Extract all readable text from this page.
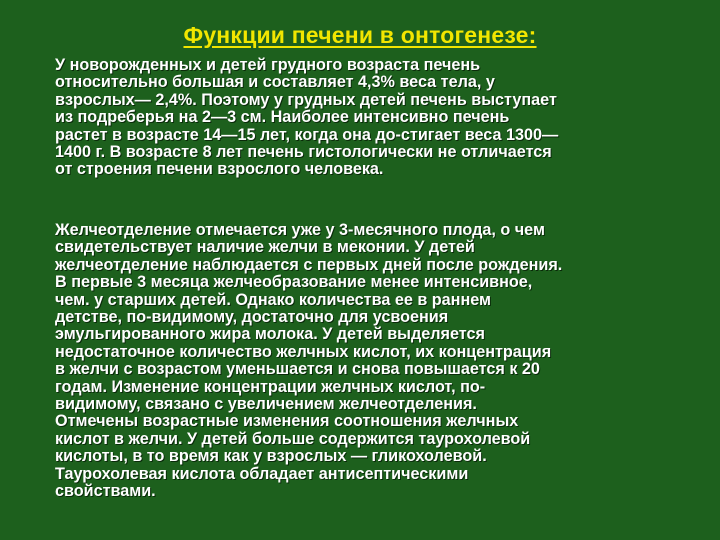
Функции печени в онтогенезе:

У новорожденных и детей грудного возраста печень
относительно большая и составляет 4,3% веса тела, у
взрослых— 2,4%. Поэтому у грудных детей печень выступает
из подреберья на 2—3 см. Наиболее интенсивно печень
растет в возрасте 14—15 лет, когда она до-стигает веса 1300—
1400 г. В возрасте 8 лет печень гистологически не отличается
от строения печени взрослого человека.

Желчеотделение отмечается уже у 3-месячного плода, о чем
свидетельствует наличие желчи в меконии. У детей
желчеотделение наблюдается с первых дней после рождения.
В первые 3 месяца желчеобразование менее интенсивное,
чем. у старших детей. Однако количества ее в раннем
детстве, по-видимому, достаточно для усвоения
эмульгированного жира молока. У детей выделяется
недостаточное количество желчных кислот, их концентрация
в желчи с возрастом уменьшается и снова повышается к 20
годам. Изменение концентрации желчных кислот, по-
видимому, связано с увеличением желчеотделения.
Отмечены возрастные изменения соотношения желчных
кислот в желчи. У детей больше содержится таурохолевой
кислоты, в то время как у взрослых — гликохолевой.
Таурохолевая кислота обладает антисептическими
свойствами.
